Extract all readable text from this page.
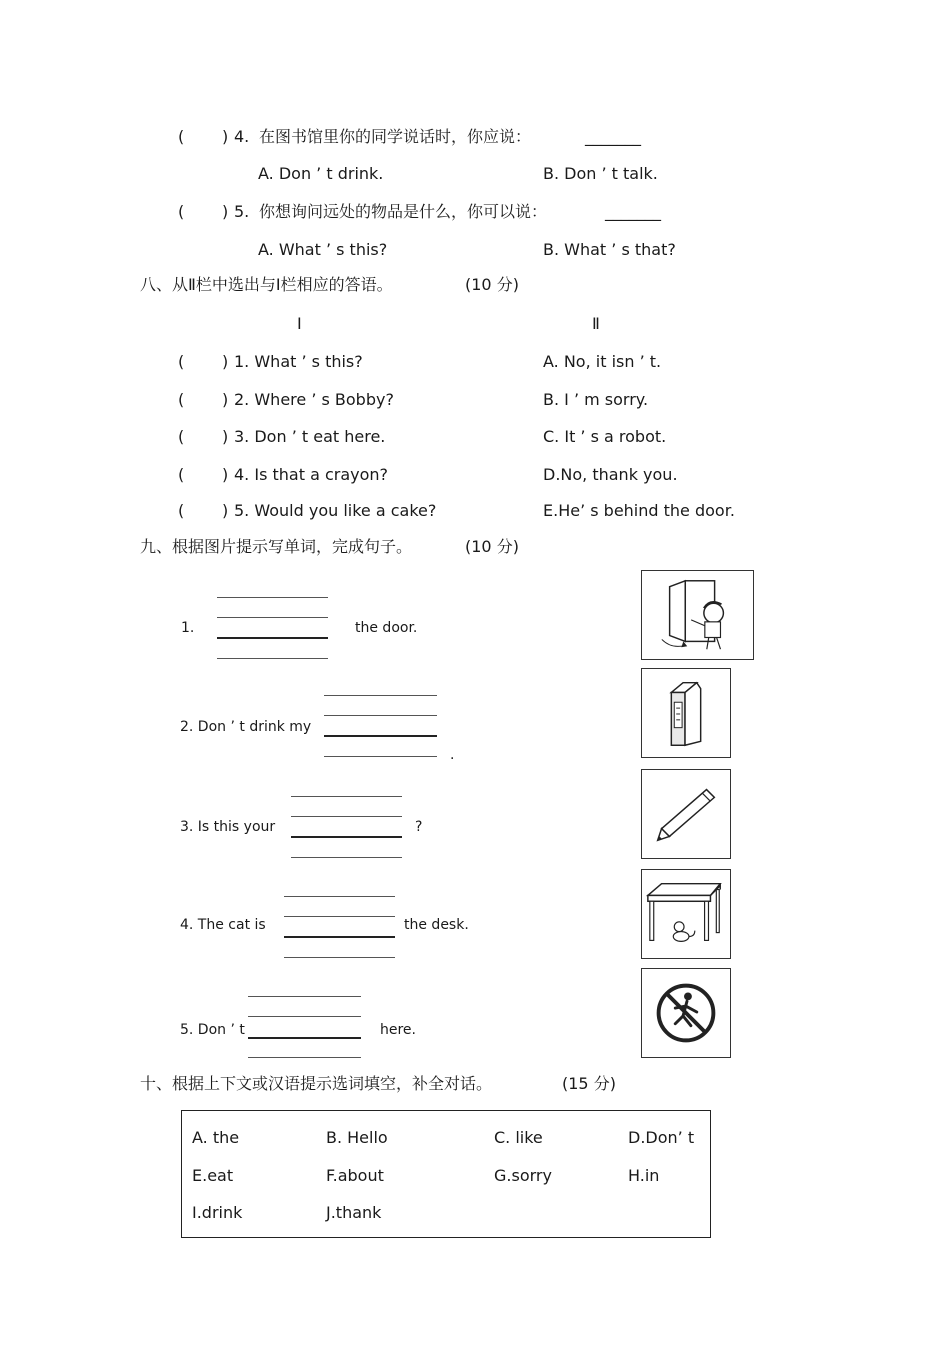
( ) 4. 在图书馆里你的同学说话时，你应说：	_______
A. Don ’ t drink.	B. Don ’ t talk.
( ) 5. 你想询问远处的物品是什么，你可以说：	_______
A. What ’ s this?	B. What ’ s that?
八、从Ⅱ栏中选出与Ⅰ栏相应的答语。	(10 分)
Ⅰ	Ⅱ
( ) 1. What ’ s this?	A. No, it isn ’ t.
( ) 2. Where ’ s Bobby?	B. I ’ m sorry.
( ) 3. Don ’ t eat here.	C. It ’ s a robot.
( ) 4. Is that a crayon?	D.No, thank you.
( ) 5. Would you like a cake?	E.He’ s behind the door.
九、根据图片提示写单词，完成句子。	(10 分)
1.	the door.
2. Don ’ t drink my
.
3. Is this your	?
4. The cat is	the desk.
5. Don ’ t	here.
十、根据上下文或汉语提示选词填空，补全对话。	(15 分)
A. the	B. Hello	C. like	D.Don’ t
E.eat	F.about	G.sorry	H.in
I.drink	J.thank
